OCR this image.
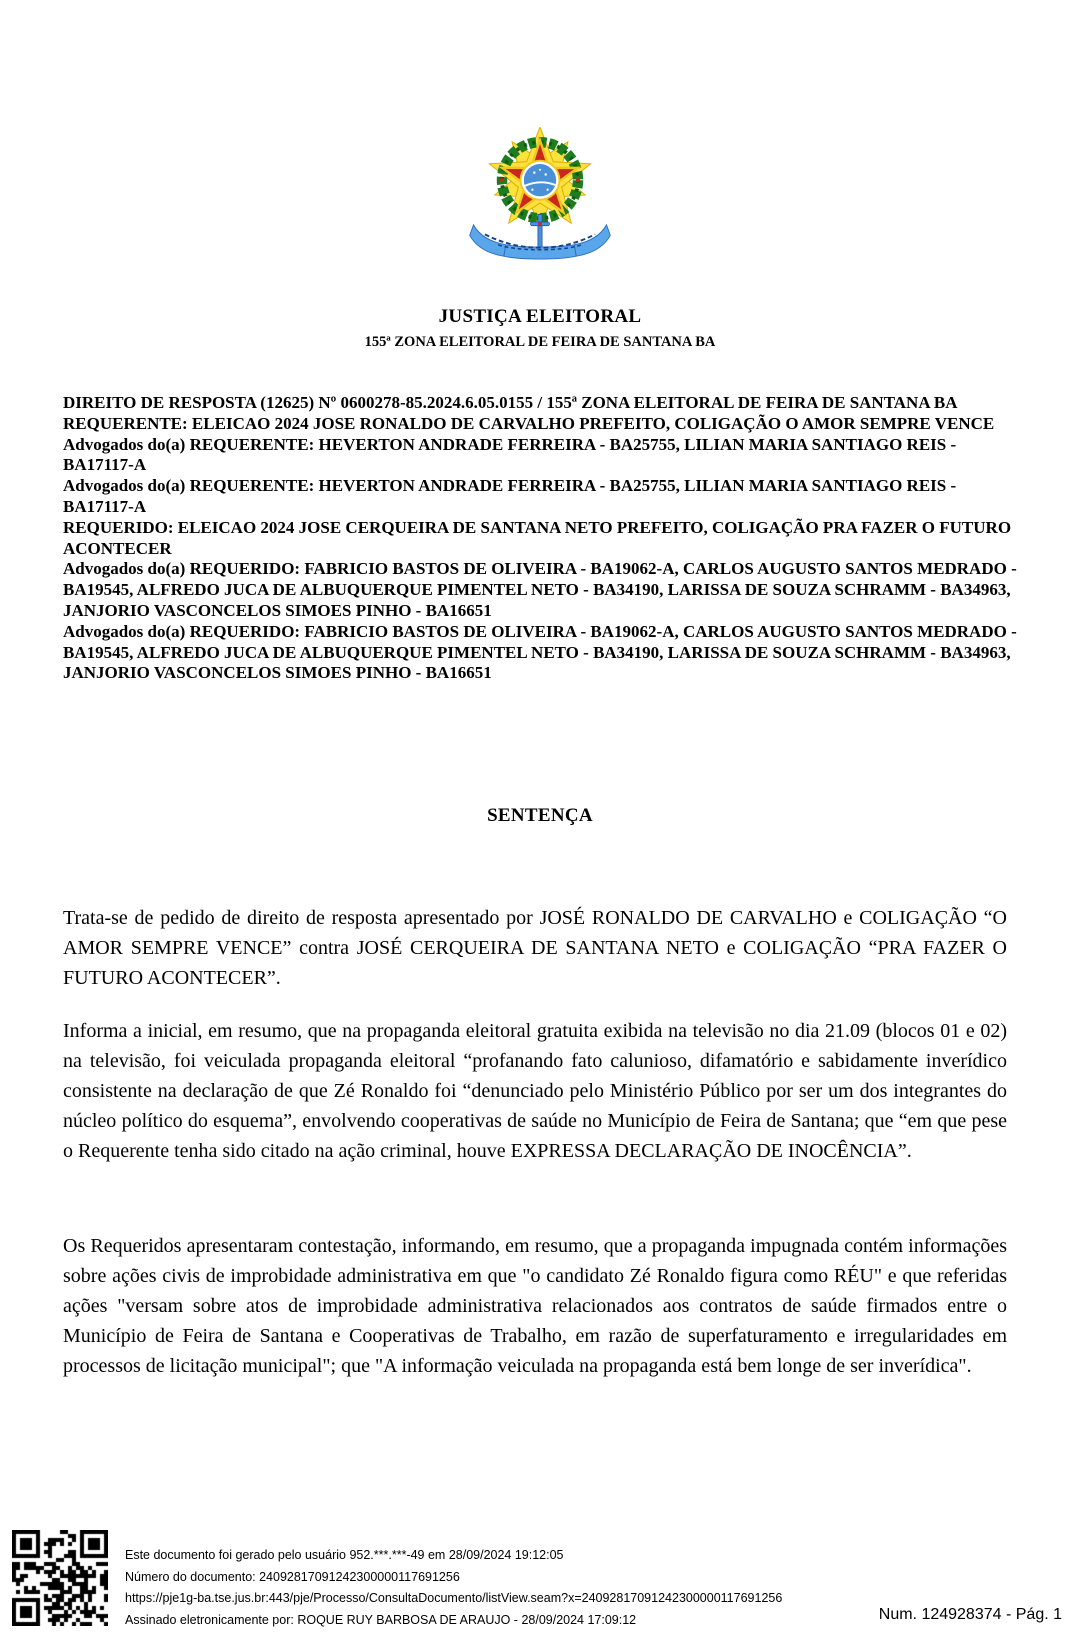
JUSTIÇA ELEITORAL
155ª ZONA ELEITORAL DE FEIRA DE SANTANA BA
DIREITO DE RESPOSTA (12625) Nº 0600278-85.2024.6.05.0155 / 155ª ZONA ELEITORAL DE FEIRA DE SANTANA BA
REQUERENTE: ELEICAO 2024 JOSE RONALDO DE CARVALHO PREFEITO, COLIGAÇÃO O AMOR SEMPRE VENCE
Advogados do(a) REQUERENTE: HEVERTON ANDRADE FERREIRA - BA25755, LILIAN MARIA SANTIAGO REIS - BA17117-A
Advogados do(a) REQUERENTE: HEVERTON ANDRADE FERREIRA - BA25755, LILIAN MARIA SANTIAGO REIS - BA17117-A
REQUERIDO: ELEICAO 2024 JOSE CERQUEIRA DE SANTANA NETO PREFEITO, COLIGAÇÃO PRA FAZER O FUTURO ACONTECER
Advogados do(a) REQUERIDO: FABRICIO BASTOS DE OLIVEIRA - BA19062-A, CARLOS AUGUSTO SANTOS MEDRADO - BA19545, ALFREDO JUCA DE ALBUQUERQUE PIMENTEL NETO - BA34190, LARISSA DE SOUZA SCHRAMM - BA34963, JANJORIO VASCONCELOS SIMOES PINHO - BA16651
Advogados do(a) REQUERIDO: FABRICIO BASTOS DE OLIVEIRA - BA19062-A, CARLOS AUGUSTO SANTOS MEDRADO - BA19545, ALFREDO JUCA DE ALBUQUERQUE PIMENTEL NETO - BA34190, LARISSA DE SOUZA SCHRAMM - BA34963, JANJORIO VASCONCELOS SIMOES PINHO - BA16651
SENTENÇA
Trata-se de pedido de direito de resposta apresentado por JOSÉ RONALDO DE CARVALHO e COLIGAÇÃO “O AMOR SEMPRE VENCE” contra JOSÉ CERQUEIRA DE SANTANA NETO e COLIGAÇÃO “PRA FAZER O FUTURO ACONTECER”.
Informa a inicial, em resumo, que na propaganda eleitoral gratuita exibida na televisão no dia 21.09 (blocos 01 e 02) na televisão, foi veiculada propaganda eleitoral “profanando fato calunioso, difamatório e sabidamente inverídico consistente na declaração de que Zé Ronaldo foi “denunciado pelo Ministério Público por ser um dos integrantes do núcleo político do esquema”, envolvendo cooperativas de saúde no Município de Feira de Santana; que “em que pese o Requerente tenha sido citado na ação criminal, houve EXPRESSA DECLARAÇÃO DE INOCÊNCIA”.
Os Requeridos apresentaram contestação, informando, em resumo, que a propaganda impugnada contém informações sobre ações civis de improbidade administrativa em que "o candidato Zé Ronaldo figura como RÉU" e que referidas ações "versam sobre atos de improbidade administrativa relacionados aos contratos de saúde firmados entre o Município de Feira de Santana e Cooperativas de Trabalho, em razão de superfaturamento e irregularidades em processos de licitação municipal"; que "A informação veiculada na propaganda está bem longe de ser inverídica".
Este documento foi gerado pelo usuário 952.***.***-49 em 28/09/2024 19:12:05
Número do documento: 24092817091242300000117691256
https://pje1g-ba.tse.jus.br:443/pje/Processo/ConsultaDocumento/listView.seam?x=24092817091242300000117691256
Assinado eletronicamente por: ROQUE RUY BARBOSA DE ARAUJO - 28/09/2024 17:09:12	Num. 124928374 - Pág. 1
